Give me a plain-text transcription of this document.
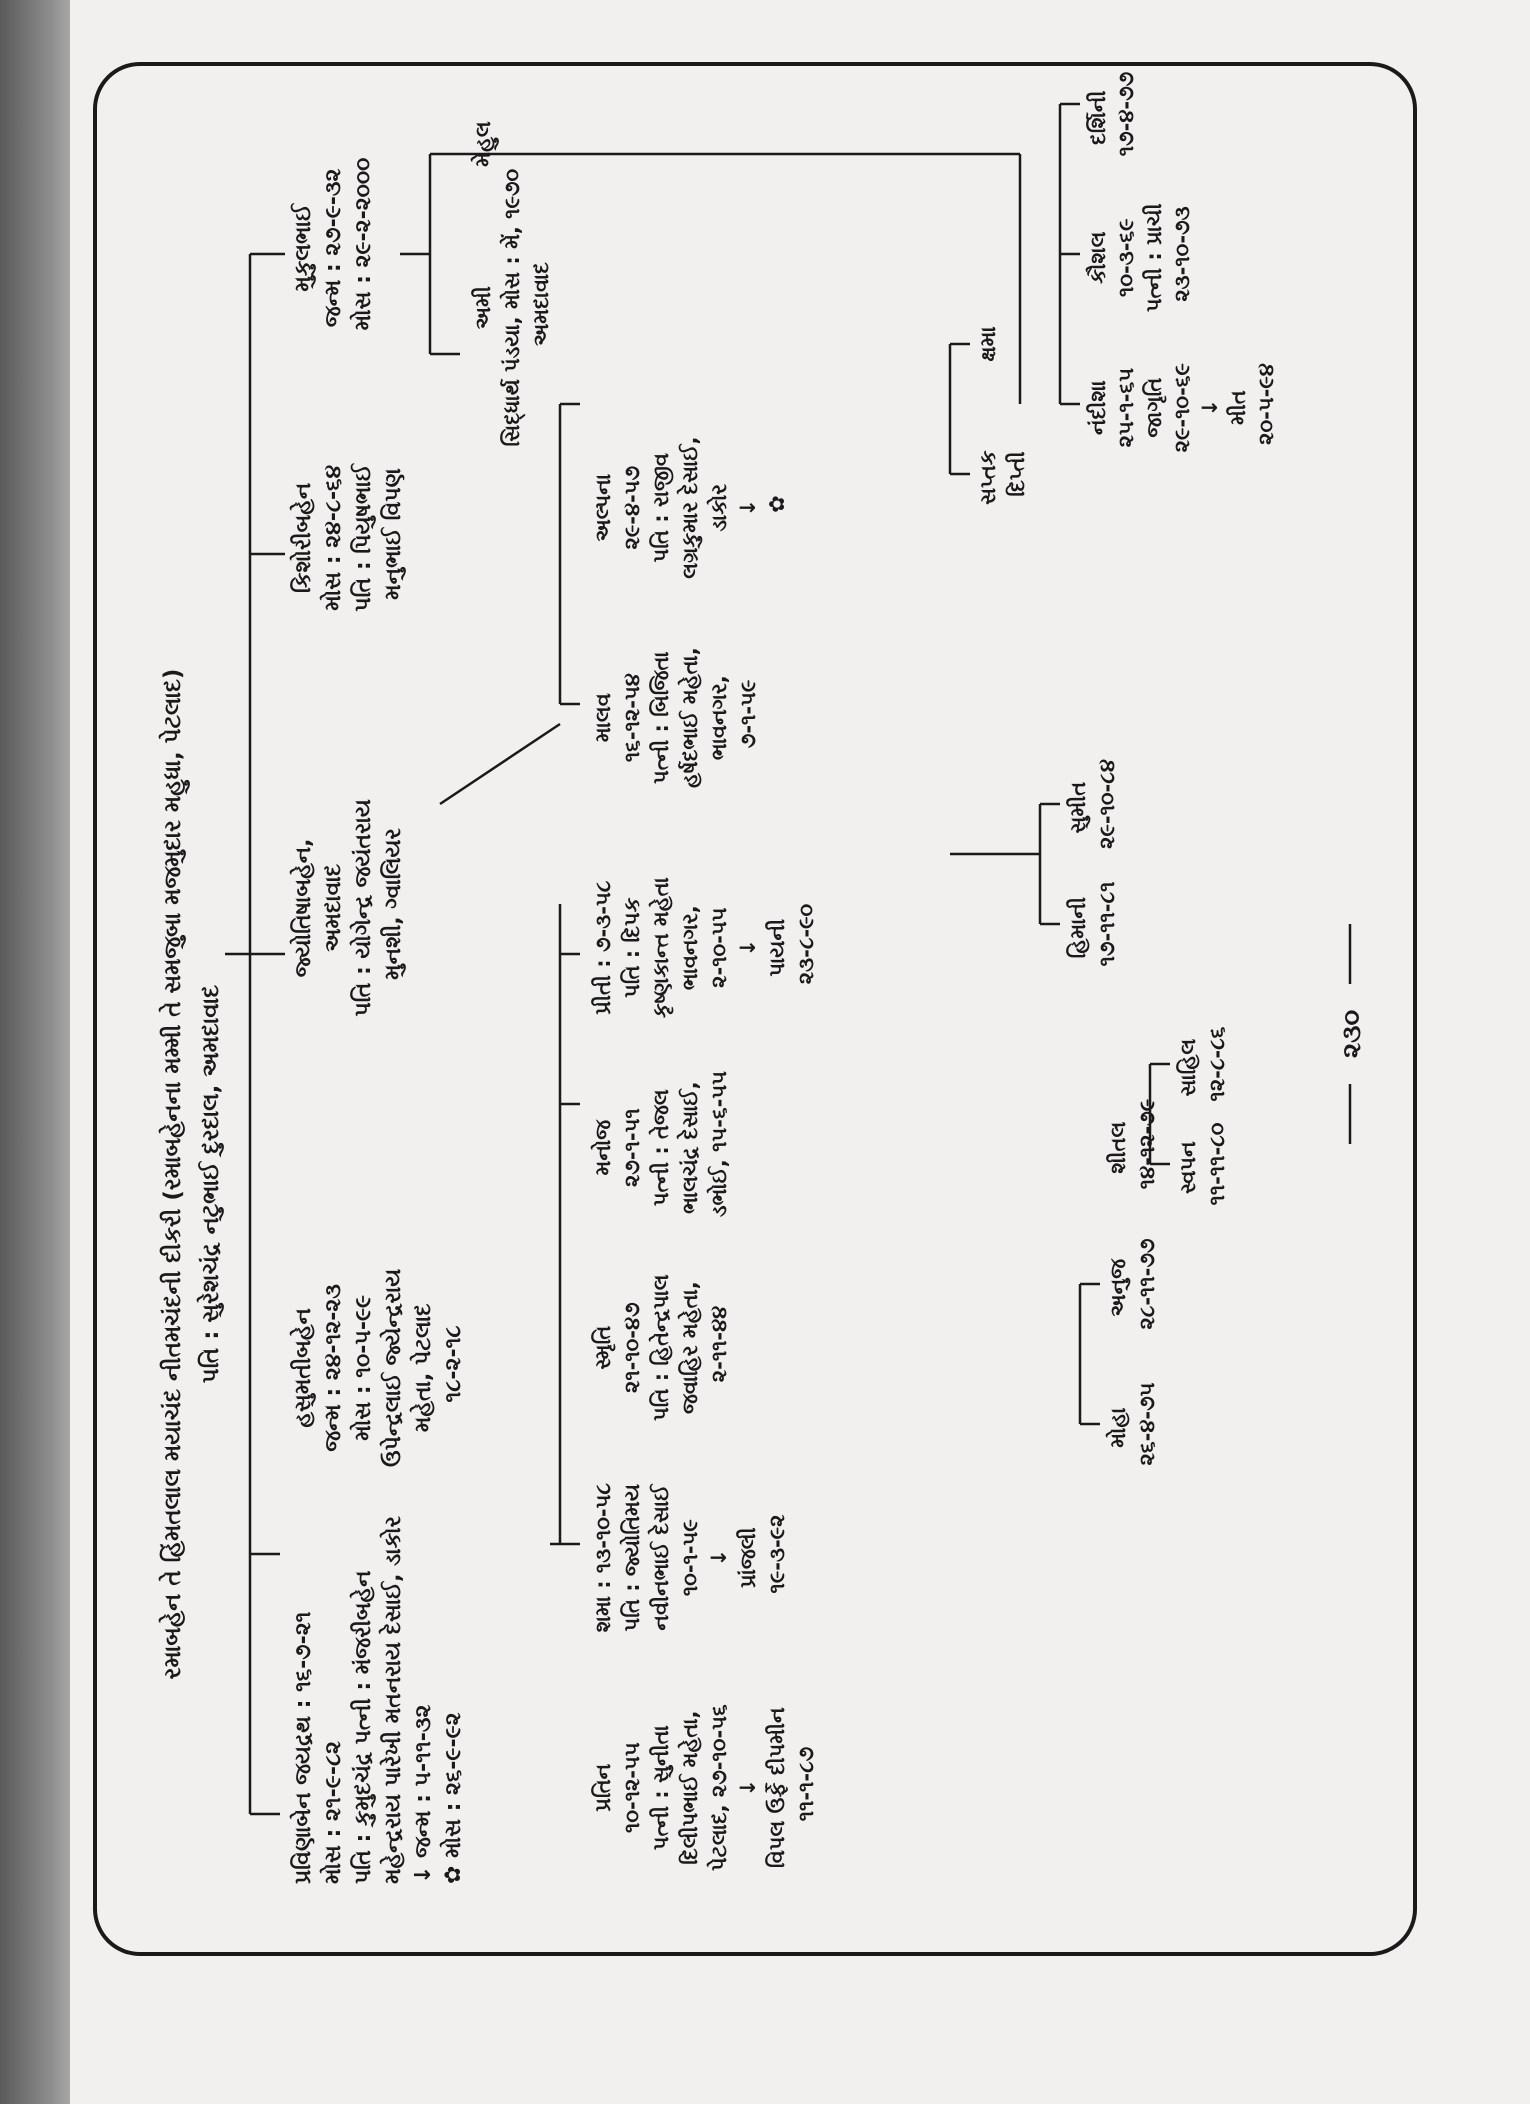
રમાબહેન તે હિંમતલાલ મયાચંદ નીતમચંદની દીકરી (રમાબહેનના મમ્મી તે સમજુબા મજમુદાર મહુધા, પેટલાદ) પતિ : સુરેશચંદ્ર નટુભાઈ દુરદાલ, અમદાવાદ
પ્રવિણાબેન જયદ્રથ : ૧૬-૭-૨૧ મોસ : ૨૧-૯-૮૨ પતિ : કુમુદચંદ્ર પત્ની : મંજરીબહેન મહેન્દ્રરાય પારેખી મતનરાય દેસાઈ, ડાકોર ↓ જન્મ : ૫-૧૧-૩૨ ✿ મોસ : ૨૬-૯-૯૨
હસુમતીબહેન જન્મ : ૨૪-૧૨-૨૩ મોસ : ૧૦-૫-૯૯ ઉપેન્દ્રલાઈ જ્યેન્દ્રરાય મહેતા, પેટલાદ ૧૮-૨-૧૮
જ્યોતિષાબહેન, અમદાવાદ પતિ : યોગેન્દ્ર જયંતરાય મુનશી, ગ્વાલિયર
કિશોરીબહેન મોસ : ૨૪-૮-૬૪ પતિ : પિયુષભાઈ મનુભાઈ વિપણ
મુકુલભાઈ જન્મ : ૨૭-૯-૩૨ મોસ : ૨૯-૨-૨૦૦૦
પ્રતિન ૧૦-૧૨-૫૫ પત્ની : સુનીતા દિલીપભાઈ મહેતા, પેટલાદ, ૨૭-૧૦-૫૬ ↓ વિપલ ઉર્ફે દીપમીન ૧૧-૧-૮૭
શમા : ૧૩-૧૦-૫૮ પતિ : જ્યોતિમય નવીનભાઈ દેસાઈ ૧૦-૧-૫૯ ↓ પ્રાંજલી ૧૯-૩-૯૨
સ્મૃતિ ૨૧-૧૦-૪૭ પતિ : હિતેન્દ્રપાલ જવાહિર મહેતા, ૨-૧૧-૪૪
મનોજ ૨૭-૧-૫૧ પત્ની : તેજલ ભાલચંદ્ર દેસાઈ, ડભોઈ, ૧૫-૬-૫૫
પ્રીતી : ૭-૩-૫૮ પતિ : દિપક કૃષ્ણકાન્ત મહેતા ભાવનગર, ૨-૧૦-૫૫ ↓ પાયની ૨૩-૮-૯૦
માલવ ૧૬-૧૨-૫૪ પત્ની : બિજિતા હર્ષદભાઈ મહેતા, ભાવનગર, ૭-૧-૫૯
અલ્પના ૨૯-૪-૫૭ પતિ : રાજીવ લગ્રકુમાર દેસાઈ, ડાકોર ↓ ✿
અમી સિદ્ધાર્થ પંડયા, મોસ : મેં, ૧૯૭૦ અમદાવાદ
મેહુલ
મોહા ૨૬-૪-૭૫
અનુજ ૨૮-૧૧-૭૭
શીતલ ૧૪-૧૨-૭૯
હિમાની ૧૭-૧૧-૮૧
સુમીત ૨૯-૧૦-૮૪
સ્વપન ૧૧-૧૧-૮૦
સાહિલ ૧૨-૮-૮૬
સપ્તક દિપ્તી
ક્ષમા
નંદીશા ૨૫-૧-૬૫ જાગૃતિ ૨૯-૧૦-૬૯ ↓ મીત ૨૦-૫-૯૪
કૌશલ ૧૦-૩-૬૯ પત્ની : પ્રાચી ૨૩-૧૦-૭૩
દર્શિની ૧૭-૪-૭૭
૨૩૦
